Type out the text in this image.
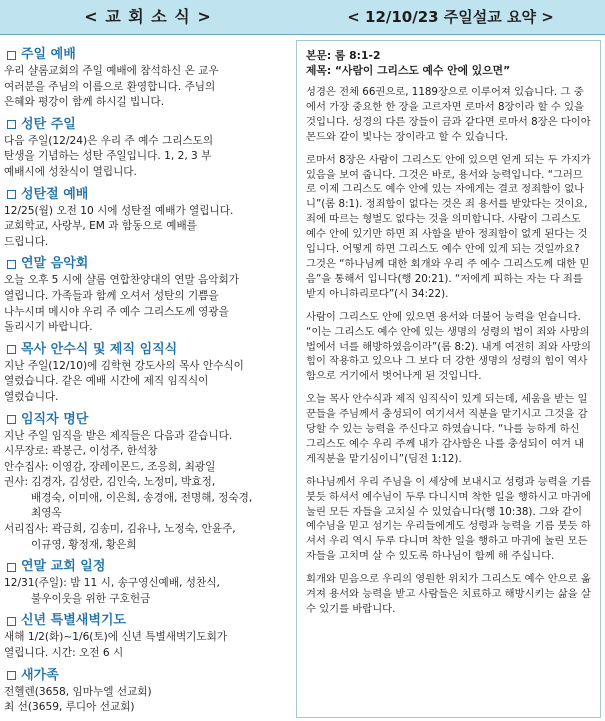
< 교 회 소 식 >	< 12/10/23 주일설교 요약 >
주일 예배

우리 샬롬교회의 주일 예배에 참석하신 온 교우

여러분을 주님의 이름으로 환영합니다. 주님의

은혜와 평강이 함께 하시길 빕니다.

성탄 주일

다음 주일(12/24)은 우리 주 예수 그리스도의

탄생을 기념하는 성탄 주일입니다. 1, 2, 3 부

예배시에 성찬식이 열립니다.

성탄절 예배

12/25(월) 오전 10 시에 성탄절 예배가 열립니다.

교회학교, 사랑부, EM 과 함동으로 예배를

드립니다.

연말 음악회

오늘 오후 5 시에 샬롬 연합찬양대의 연말 음악회가

열립니다. 가족들과 함께 오셔서 성탄의 기쁨을

나누시며 메시야 우리 주 예수 그리스도께 영광을

돌리시기 바랍니다.

목사 안수식 및 제직 임직식

지난 주일(12/10)에 김학현 강도사의 목사 안수식이

열렸습니다. 같은 예배 시간에 제직 임직식이

열렸습니다.

임직자 명단

지난 주일 임직을 받은 제직들은 다음과 같습니다.

시무장로: 곽봉근, 이성주, 한석창

안수집사: 이영감, 장레이몬드, 조응희, 최광일

권사: 김경자, 김성란, 김인숙, 노정미, 박효정,

배경숙, 이미애, 이은희, 송경애, 전명해, 정숙경,

최영옥

서리집사: 곽금희, 김송미, 김유나, 노정숙, 안윤주,

이규영, 황정재, 황은희

연말 교회 일정

12/31(주일): 밤 11 시, 송구영신예배, 성찬식,

불우이웃을 위한 구호헌금

신년 특별새벽기도

새해 1/2(화)~1/6(토)에 신년 특별새벽기도회가

열립니다. 시간: 오전 6 시

새가족

전헬렌(3658, 임마누엘 선교회)

최 선(3659, 루디아 선교회)

본문: 롬 8:1-2
제목: “사람이 그리스도 예수 안에 있으면”

성경은 전체 66권으로, 1189장으로 이루어져 있습니다. 그 중에서 가장 중요한 한 장을 고르자면 로마서 8장이라 할 수 있을 것입니다. 성경의 다른 장들이 금과 같다면 로마서 8장은 다이아몬드와 같이 빛나는 장이라고 할 수 있습니다.

로마서 8장은 사람이 그리스도 안에 있으면 얻게 되는 두 가지가 있음을 보여 줍니다. 그것은 바로, 용서와 능력입니다. “그러므로 이제 그리스도 예수 안에 있는 자에게는 결코 정죄함이 없나니”(롬 8:1). 정죄함이 없다는 것은 죄 용서를 받았다는 것이요, 죄에 따르는 형벌도 없다는 것을 의미합니다. 사람이 그리스도 예수 안에 있기만 하면 죄 사함을 받아 정죄함이 없게 된다는 것입니다. 어떻게 하면 그리스도 예수 안에 있게 되는 것일까요? 그것은 “하나님께 대한 회개와 우리 주 예수 그리스도께 대한 믿음”을 통해서 입니다(행 20:21). “저에게 피하는 자는 다 죄를 받지 아니하리로다”(시 34:22).

사람이 그리스도 안에 있으면 용서와 더불어 능력을 얻습니다. “이는 그리스도 예수 안에 있는 생명의 성령의 법이 죄와 사망의 법에서 너를 해방하였음이라”(롬 8:2). 내게 여전히 죄와 사망의 힘이 작용하고 있으나 그 보다 더 강한 생명의 성령의 힘이 역사함으로 거기에서 벗어나게 된 것입니다.

오늘 목사 안수식과 제직 임직식이 있게 되는데, 세움을 받는 일꾼들을 주님께서 충성되이 여기셔서 직분을 맡기시고 그것을 감당할 수 있는 능력을 주신다고 하였습니다. “나를 능하게 하신 그리스도 예수 우리 주께 내가 감사함은 나를 충성되이 여겨 내게직분을 맡기심이니”(딤전 1:12).

하나님께서 우리 주님을 이 세상에 보내시고 성령과 능력을 기름 붓듯 하셔서 예수님이 두루 다니시며 착한 일을 행하시고 마귀에 눌린 모든 자들을 고치실 수 있었습니다(행 10:38). 그와 같이 예수님을 믿고 섬기는 우리들에게도 성령과 능력을 기름 붓듯 하셔서 우리 역시 두루 다니며 착한 일을 행하고 마귀에 눌린 모든 자들을 고치며 살 수 있도록 하나님이 함께 해 주십니다.

회개와 믿음으로 우리의 영원한 위치가 그리스도 예수 안으로 옮겨져 용서와 능력을 받고 사람들은 치료하고 해방시키는 삶을 살 수 있기를 바랍니다.
